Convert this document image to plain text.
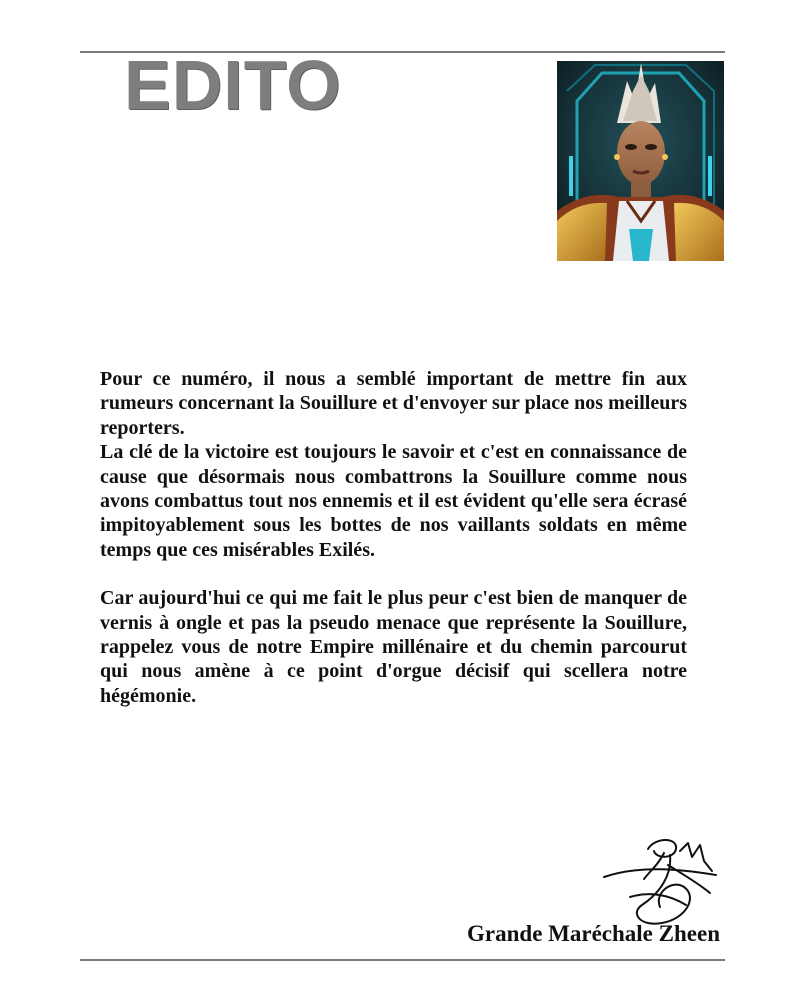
EDITO

Pour ce numéro, il nous a semblé important de mettre fin aux rumeurs concernant la Souillure et d'envoyer sur place nos meilleurs reporters.

La clé de la victoire est toujours le savoir et c'est en connaissance de cause que désormais nous combattrons la Souillure comme nous avons combattus tout nos ennemis et il est évident qu'elle sera écrasé impitoyablement sous les bottes de nos vaillants soldats en même temps que ces misérables Exilés.

Car aujourd'hui ce qui me fait le plus peur c'est bien de manquer de vernis à ongle et pas la pseudo menace que représente la Souillure, rappelez vous de notre Empire millénaire et du chemin parcourut qui nous amène à ce point d'orgue décisif qui scellera notre hégémonie.

Grande Maréchale Zheen
